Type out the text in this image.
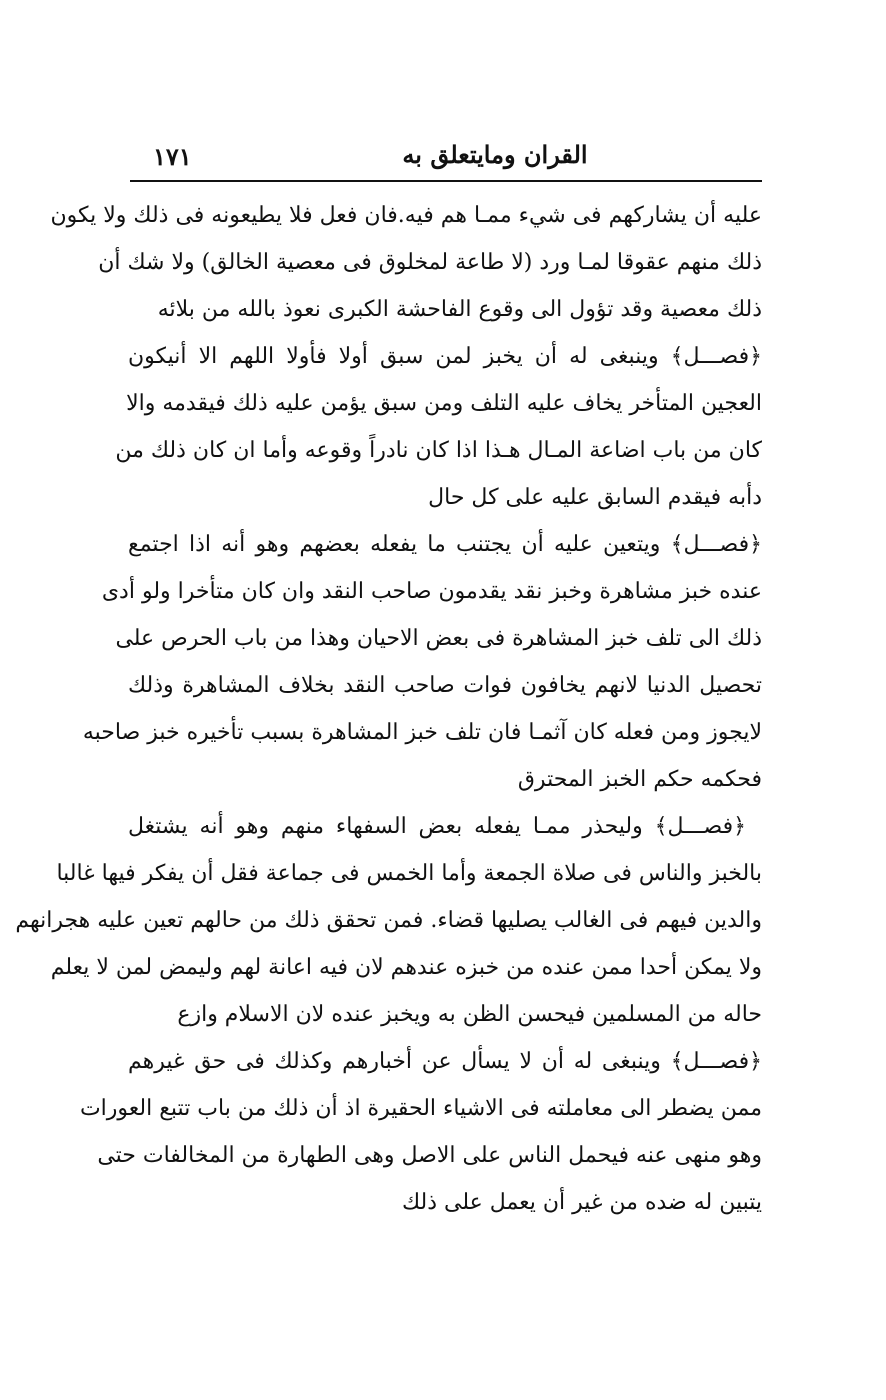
١٧١	القران ومايتعلق به
عليه أن يشاركهم فى شيء ممـا هم فيه.فان فعل فلا يطيعونه فى ذلك ولا يكون
ذلك منهم عقوقا لمـا ورد (لا طاعة لمخلوق فى معصية الخالق) ولا شك أن
ذلك معصية وقد تؤول الى وقوع الفاحشة الكبرى نعوذ بالله من بلائه
﴿فصـــل﴾ وينبغى له أن يخبز لمن سبق أولا فأولا اللهم الا أنيكون
العجين المتأخر يخاف عليه التلف ومن سبق يؤمن عليه ذلك فيقدمه والا
كان من باب اضاعة المـال هـذا اذا كان نادراً وقوعه وأما ان كان ذلك من
دأبه فيقدم السابق عليه على كل حال
﴿فصـــل﴾ ويتعين عليه أن يجتنب ما يفعله بعضهم وهو أنه اذا اجتمع
عنده خبز مشاهرة وخبز نقد يقدمون صاحب النقد وان كان متأخرا ولو أدى
ذلك الى تلف خبز المشاهرة فى بعض الاحيان وهذا من باب الحرص على
تحصيل الدنيا لانهم يخافون فوات صاحب النقد بخلاف المشاهرة وذلك
لايجوز ومن فعله كان آثمـا فان تلف خبز المشاهرة بسبب تأخيره خبز صاحبه
فحكمه حكم الخبز المحترق
﴿فصـــل﴾ وليحذر ممـا يفعله بعض السفهاء منهم وهو أنه يشتغل
بالخبز والناس فى صلاة الجمعة وأما الخمس فى جماعة فقل أن يفكر فيها غالبا
والدين فيهم فى الغالب يصليها قضاء. فمن تحقق ذلك من حالهم تعين عليه هجرانهم
ولا يمكن أحدا ممن عنده من خبزه عندهم لان فيه اعانة لهم وليمض لمن لا يعلم
حاله من المسلمين فيحسن الظن به ويخبز عنده لان الاسلام وازع
﴿فصـــل﴾ وينبغى له أن لا يسأل عن أخبارهم وكذلك فى حق غيرهم
ممن يضطر الى معاملته فى الاشياء الحقيرة اذ أن ذلك من باب تتبع العورات
وهو منهى عنه فيحمل الناس على الاصل وهى الطهارة من المخالفات حتى
يتبين له ضده من غير أن يعمل على ذلك
